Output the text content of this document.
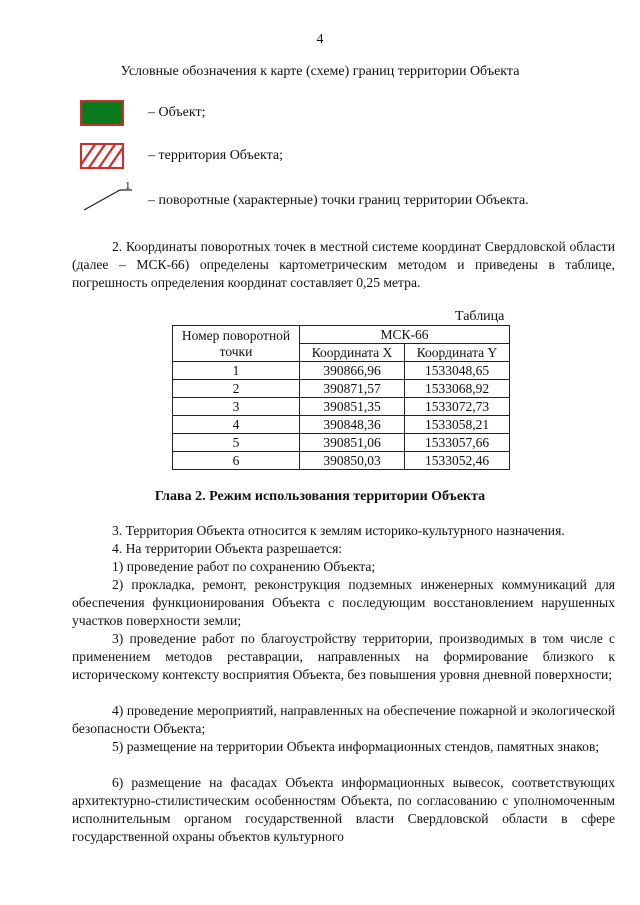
4
Условные обозначения к карте (схеме) границ территории Объекта
– Объект;
– территория Объекта;
1
– поворотные (характерные) точки границ территории Объекта.
2. Координаты поворотных точек в местной системе координат Свердловской области (далее – МСК-66) определены картометрическим методом и приведены в таблице, погрешность определения координат составляет 0,25 метра.
Таблица
Номер поворотной точки	МСК-66	
	Координата X	Координата Y
1	390866,96	1533048,65
2	390871,57	1533068,92
3	390851,35	1533072,73
4	390848,36	1533058,21
5	390851,06	1533057,66
6	390850,03	1533052,46
Глава 2. Режим использования территории Объекта
3. Территория Объекта относится к землям историко-культурного назначения.
4. На территории Объекта разрешается:
1) проведение работ по сохранению Объекта;
2) прокладка, ремонт, реконструкция подземных инженерных коммуникаций для обеспечения функционирования Объекта с последующим восстановлением нарушенных участков поверхности земли;
3) проведение работ по благоустройству территории, производимых в том числе с применением методов реставрации, направленных на формирование близкого к историческому контексту восприятия Объекта, без повышения уровня дневной поверхности;
4) проведение мероприятий, направленных на обеспечение пожарной и экологической безопасности Объекта;
5) размещение на территории Объекта информационных стендов, памятных знаков;
6) размещение на фасадах Объекта информационных вывесок, соответствующих архитектурно-стилистическим особенностям Объекта, по согласованию с уполномоченным исполнительным органом государственной власти Свердловской области в сфере государственной охраны объектов культурного
